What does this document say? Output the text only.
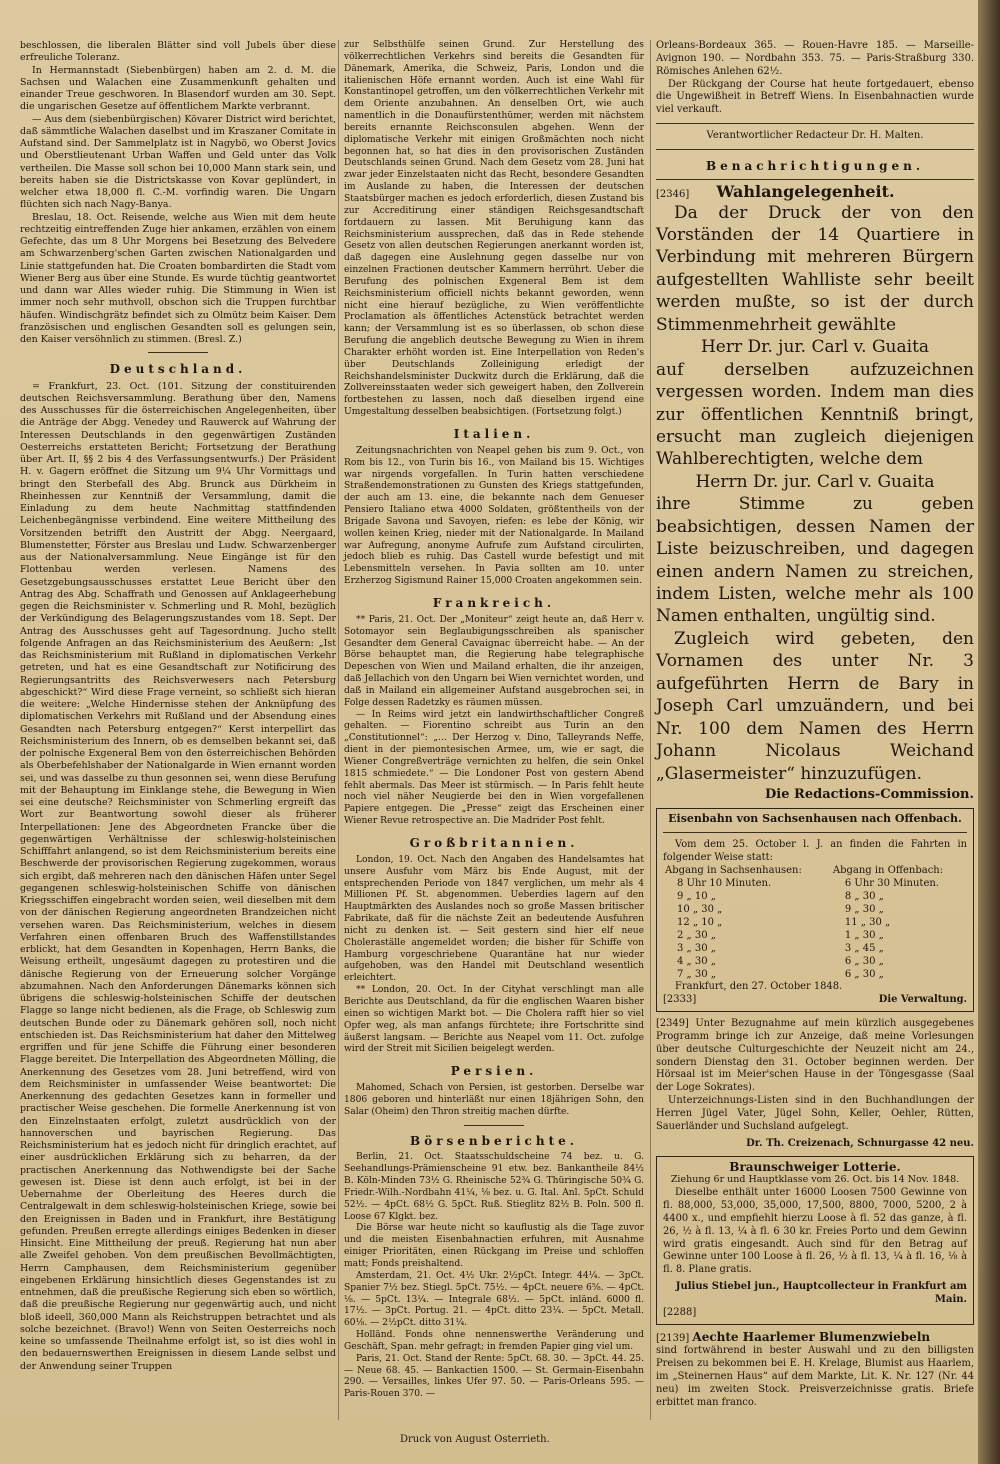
beschlossen, die liberalen Blätter sind voll Jubels über diese erfreuliche Toleranz.

In Hermannstadt (Siebenbürgen) haben am 2. d. M. die Sachsen und Walachen eine Zusammenkunft gehalten und einander Treue geschworen. In Blasendorf wurden am 30. Sept. die ungarischen Gesetze auf öffentlichem Markte verbrannt.

— Aus dem (siebenbürgischen) Kövarer District wird berichtet, daß sämmtliche Walachen daselbst und im Kraszaner Comitate in Aufstand sind. Der Sammelplatz ist in Nagybö, wo Oberst Jovics und Oberstlieutenant Urban Waffen und Geld unter das Volk vertheilen. Die Masse soll schon bei 10,000 Mann stark sein, und bereits haben sie die Districtskasse von Kovar geplündert, in welcher etwa 18,000 fl. C.-M. vorfindig waren. Die Ungarn flüchten sich nach Nagy-Banya.

Breslau, 18. Oct. Reisende, welche aus Wien mit dem heute rechtzeitig eintreffenden Zuge hier ankamen, erzählen von einem Gefechte, das um 8 Uhr Morgens bei Besetzung des Belvedere am Schwarzenberg'schen Garten zwischen Nationalgarden und Linie stattgefunden hat. Die Croaten bombardirten die Stadt vom Wiener Berg aus über eine Stunde. Es wurde tüchtig geantwortet und dann war Alles wieder ruhig. Die Stimmung in Wien ist immer noch sehr muthvoll, obschon sich die Truppen furchtbar häufen. Windischgrätz befindet sich zu Olmütz beim Kaiser. Dem französischen und englischen Gesandten soll es gelungen sein, den Kaiser versöhnlich zu stimmen. (Bresl. Z.)

Deutschland.

= Frankfurt, 23. Oct. (101. Sitzung der constituirenden deutschen Reichsversammlung. Berathung über den, Namens des Ausschusses für die österreichischen Angelegenheiten, über die Anträge der Abgg. Venedey und Rauwerck auf Wahrung der Interessen Deutschlands in den gegenwärtigen Zuständen Oesterreichs erstatteten Bericht; Fortsetzung der Berathung über Art. II, §§ 2 bis 4 des Verfassungsentwurfs.) Der Präsident H. v. Gagern eröffnet die Sitzung um 9¼ Uhr Vormittags und bringt den Sterbefall des Abg. Brunck aus Dürkheim in Rheinhessen zur Kenntniß der Versammlung, damit die Einladung zu dem heute Nachmittag stattfindenden Leichenbegängnisse verbindend. Eine weitere Mittheilung des Vorsitzenden betrifft den Austritt der Abgg. Neergaard, Blumenstetter, Förster aus Breslau und Ludw. Schwarzenberger aus der Nationalversammlung. Neue Eingänge ist für den Flottenbau werden verlesen. Namens des Gesetzgebungsausschusses erstattet Leue Bericht über den Antrag des Abg. Schaffrath und Genossen auf Anklageerhebung gegen die Reichsminister v. Schmerling und R. Mohl, bezüglich der Verkündigung des Belagerungszustandes vom 18. Sept. Der Antrag des Ausschusses geht auf Tagesordnung. Jucho stellt folgende Anfragen an das Reichsministerium des Aeußern: „Ist das Reichsministerium mit Rußland in diplomatischen Verkehr getreten, und hat es eine Gesandtschaft zur Notificirung des Regierungsantritts des Reichsverwesers nach Petersburg abgeschickt?“ Wird diese Frage verneint, so schließt sich hieran die weitere: „Welche Hindernisse stehen der Anknüpfung des diplomatischen Verkehrs mit Rußland und der Absendung eines Gesandten nach Petersburg entgegen?“ Kerst interpellirt das Reichsministerium des Innern, ob es demselben bekannt sei, daß der polnische Exgeneral Bem von den österreichischen Behörden als Oberbefehlshaber der Nationalgarde in Wien ernannt worden sei, und was dasselbe zu thun gesonnen sei, wenn diese Berufung mit der Behauptung im Einklange stehe, die Bewegung in Wien sei eine deutsche? Reichsminister von Schmerling ergreift das Wort zur Beantwortung sowohl dieser als früherer Interpellationen: Jene des Abgeordneten Francke über die gegenwärtigen Verhältnisse der schleswig-holsteinischen Schifffahrt anlangend, so ist dem Reichsministerium bereits eine Beschwerde der provisorischen Regierung zugekommen, woraus sich ergibt, daß mehreren nach den dänischen Häfen unter Segel gegangenen schleswig-holsteinischen Schiffe von dänischen Kriegsschiffen eingebracht worden seien, weil dieselben mit dem von der dänischen Regierung angeordneten Brandzeichen nicht versehen waren. Das Reichsministerium, welches in diesem Verfahren einen offenbaren Bruch des Waffenstillstandes erblickt, hat dem Gesandten in Kopenhagen, Herrn Banks, die Weisung ertheilt, ungesäumt dagegen zu protestiren und die dänische Regierung von der Erneuerung solcher Vorgänge abzumahnen. Nach den Anforderungen Dänemarks können sich übrigens die schleswig-holsteinischen Schiffe der deutschen Flagge so lange nicht bedienen, als die Frage, ob Schleswig zum deutschen Bunde oder zu Dänemark gehören soll, noch nicht entschieden ist. Das Reichsministerium hat daher den Mittelweg ergriffen und für jene Schiffe die Führung einer besonderen Flagge bereitet. Die Interpellation des Abgeordneten Mölling, die Anerkennung des Gesetzes vom 28. Juni betreffend, wird von dem Reichsminister in umfassender Weise beantwortet: Die Anerkennung des gedachten Gesetzes kann in formeller und practischer Weise geschehen. Die formelle Anerkennung ist von den Einzelnstaaten erfolgt, zuletzt ausdrücklich von der hannoverschen und bayrischen Regierung. Das Reichsministerium hat es jedoch nicht für dringlich erachtet, auf einer ausdrücklichen Erklärung sich zu beharren, da der practischen Anerkennung das Nothwendigste bei der Sache gewesen ist. Diese ist denn auch erfolgt, ist bei in der Uebernahme der Oberleitung des Heeres durch die Centralgewalt in dem schleswig-holsteinischen Kriege, sowie bei den Ereignissen in Baden und in Frankfurt, ihre Bestätigung gefunden. Preußen erregte allerdings einiges Bedenken in dieser Hinsicht. Eine Mittheilung der preuß. Regierung hat nun aber alle Zweifel gehoben. Von dem preußischen Bevollmächtigten, Herrn Camphausen, dem Reichsministerium gegenüber eingebenen Erklärung hinsichtlich dieses Gegenstandes ist zu entnehmen, daß die preußische Regierung sich eben so wörtlich, daß die preußische Regierung nur gegenwärtig auch, und nicht bloß ideell, 360,000 Mann als Reichstruppen betrachtet und als solche bezeichnet. (Bravo!) Wenn von Seiten Oesterreichs noch keine so umfassende Theilnahme erfolgt ist, so ist dies wohl in den bedauernswerthen Ereignissen in diesem Lande selbst und der Anwendung seiner Truppen

zur Selbsthülfe seinen Grund. Zur Herstellung des völkerrechtlichen Verkehrs sind bereits die Gesandten für Dänemark, Amerika, die Schweiz, Paris, London und die italienischen Höfe ernannt worden. Auch ist eine Wahl für Konstantinopel getroffen, um den völkerrechtlichen Verkehr mit dem Oriente anzubahnen. An denselben Ort, wie auch namentlich in die Donaufürstenthümer, werden mit nächstem bereits ernannte Reichsconsulen abgehen. Wenn der diplomatische Verkehr mit einigen Großmächten noch nicht begonnen hat, so hat dies in den provisorischen Zuständen Deutschlands seinen Grund. Nach dem Gesetz vom 28. Juni hat zwar jeder Einzelstaaten nicht das Recht, besondere Gesandten im Auslande zu haben, die Interessen der deutschen Staatsbürger machen es jedoch erforderlich, diesen Zustand bis zur Accreditirung einer ständigen Reichsgesandtschaft fortdauern zu lassen. Mit Beruhigung kann das Reichsministerium aussprechen, daß das in Rede stehende Gesetz von allen deutschen Regierungen anerkannt worden ist, daß dagegen eine Auslehnung gegen dasselbe nur von einzelnen Fractionen deutscher Kammern herrührt. Ueber die Berufung des polnischen Exgeneral Bem ist dem Reichsministerium officiell nichts bekannt geworden, wenn nicht eine hierauf bezügliche, zu Wien veröffentlichte Proclamation als öffentliches Actenstück betrachtet werden kann; der Versammlung ist es so überlassen, ob schon diese Berufung die angeblich deutsche Bewegung zu Wien in ihrem Charakter erhöht worden ist. Eine Interpellation von Reden's über Deutschlands Zolleinigung erledigt der Reichshandelsminister Duckwitz durch die Erklärung, daß die Zollvereinsstaaten weder sich geweigert haben, den Zollverein fortbestehen zu lassen, noch daß dieselben irgend eine Umgestaltung desselben beabsichtigen. (Fortsetzung folgt.)

Italien.

Zeitungsnachrichten von Neapel gehen bis zum 9. Oct., von Rom bis 12., von Turin bis 16., von Mailand bis 15. Wichtiges war nirgends vorgefallen. In Turin hatten verschiedene Straßendemonstrationen zu Gunsten des Kriegs stattgefunden, der auch am 13. eine, die bekannte nach dem Genueser Pensiero Italiano etwa 4000 Soldaten, größtentheils von der Brigade Savona und Savoyen, riefen: es lebe der König, wir wollen keinen Krieg, nieder mit der Nationalgarde. In Mailand war Aufregung, anonyme Aufrufe zum Aufstand circulirten, jedoch blieb es ruhig. Das Castell wurde befestigt und mit Lebensmitteln versehen. In Pavia sollten am 10. unter Erzherzog Sigismund Rainer 15,000 Croaten angekommen sein.

Frankreich.

** Paris, 21. Oct. Der „Moniteur“ zeigt heute an, daß Herr v. Sotomayor sein Beglaubigungsschreiben als spanischer Gesandter dem General Cavaignac überreicht habe. — An der Börse behauptet man, die Regierung habe telegraphische Depeschen von Wien und Mailand erhalten, die ihr anzeigen, daß Jellachich von den Ungarn bei Wien vernichtet worden, und daß in Mailand ein allgemeiner Aufstand ausgebrochen sei, in Folge dessen Radetzky es räumen müssen.

— In Reims wird jetzt ein landwirthschaftlicher Congreß gehalten. — Fiorentino schreibt aus Turin an den „Constitutionnel“: „... Der Herzog v. Dino, Talleyrands Neffe, dient in der piemontesischen Armee, um, wie er sagt, die Wiener Congreßverträge vernichten zu helfen, die sein Onkel 1815 schmiedete.“ — Die Londoner Post von gestern Abend fehlt abermals. Das Meer ist stürmisch. — In Paris fehlt heute noch viel näher Neugierde bei den in Wien vorgefallenen Papiere entgegen. Die „Presse“ zeigt das Erscheinen einer Wiener Revue retrospective an. Die Madrider Post fehlt.

Großbritannien.

London, 19. Oct. Nach den Angaben des Handelsamtes hat unsere Ausfuhr vom März bis Ende August, mit der entsprechenden Periode von 1847 verglichen, um mehr als 4 Millionen Pf. St. abgenommen. Ueberdies lagern auf den Hauptmärkten des Auslandes noch so große Massen britischer Fabrikate, daß für die nächste Zeit an bedeutende Ausfuhren nicht zu denken ist. — Seit gestern sind hier elf neue Choleraställe angemeldet worden; die bisher für Schiffe von Hamburg vorgeschriebene Quarantäne hat nur wieder aufgehoben, was den Handel mit Deutschland wesentlich erleichtert.

** London, 20. Oct. In der Cityhat verschlingt man alle Berichte aus Deutschland, da für die englischen Waaren bisher einen so wichtigen Markt bot. — Die Cholera rafft hier so viel Opfer weg, als man anfangs fürchtete; ihre Fortschritte sind äußerst langsam. — Berichte aus Neapel vom 11. Oct. zufolge wird der Streit mit Sicilien beigelegt werden.

Persien.

Mahomed, Schach von Persien, ist gestorben. Derselbe war 1806 geboren und hinterläßt nur einen 18jährigen Sohn, den Salar (Oheim) den Thron streitig machen dürfte.

Börsenberichte.

Berlin, 21. Oct. Staatsschuldscheine 74 bez. u. G. Seehandlungs-Prämienscheine 91 etw. bez. Bankantheile 84½ B. Köln-Minden 73½ G. Rheinische 52¾ G. Thüringische 50¾ G. Friedr.-Wilh.-Nordbahn 41¼, ⅛ bez. u. G. Ital. Anl. 5pCt. Schuld 52½. — 4pCt. 68½ G. 5pCt. Ruß. Stieglitz 82½ B. Poln. 500 fl. Loose 67 Klgkt. bez.

Die Börse war heute nicht so kauflustig als die Tage zuvor und die meisten Eisenbahnactien erfuhren, mit Ausnahme einiger Prioritäten, einen Rückgang im Preise und schloffen matt; Fonds preishaltend.

Amsterdam, 21. Oct. 4½ Ukr. 2½pCt. Integr. 44¼. — 3pCt. Spanier 7½ bez. Stiegl. 5pCt. 75½. — 4pCt. neuere 6⅝. — 4pCt. ⅛. — 5pCt. 13¼. — Integrale 68½. — 5pCt. inländ. 6000 fl. 17½. — 3pCt. Portug. 21. — 4pCt. ditto 23¼. — 5pCt. Metall. 60⅛. — 2½pCt. ditto 31¼.

Holländ. Fonds ohne nennenswerthe Veränderung und Geschäft, Span. mehr gefragt; in fremden Papier ging viel um.

Paris, 21. Oct. Stand der Rente: 5pCt. 68. 30. — 3pCt. 44. 25. — Neue 68. 45. — Bankactien 1500. — St. Germain-Eisenbahn 290. — Versailles, linkes Ufer 97. 50. — Paris-Orleans 595. — Paris-Rouen 370. —

Orleans-Bordeaux 365. — Rouen-Havre 185. — Marseille-Avignon 190. — Nordbahn 353. 75. — Paris-Straßburg 330. Römisches Anlehen 62½.

Der Rückgang der Course hat heute fortgedauert, ebenso die Ungewißheit in Betreff Wiens. In Eisenbahnactien wurde viel verkauft.

Verantwortlicher Redacteur Dr. H. Malten.
Benachrichtigungen.
[2346] Wahlangelegenheit.

Da der Druck der von den Vorständen der 14 Quartiere in Verbindung mit mehreren Bürgern aufgestellten Wahlliste sehr beeilt werden mußte, so ist der durch Stimmenmehrheit gewählte

Herr Dr. jur. Carl v. Guaita

auf derselben aufzuzeichnen vergessen worden. Indem man dies zur öffentlichen Kenntniß bringt, ersucht man zugleich diejenigen Wahlberechtigten, welche dem

Herrn Dr. jur. Carl v. Guaita

ihre Stimme zu geben beabsichtigen, dessen Namen der Liste beizuschreiben, und dagegen einen andern Namen zu streichen, indem Listen, welche mehr als 100 Namen enthalten, ungültig sind.

Zugleich wird gebeten, den Vornamen des unter Nr. 3 aufgeführten Herrn de Bary in Joseph Carl umzuändern, und bei Nr. 100 dem Namen des Herrn Johann Nicolaus Weichand „Glasermeister“ hinzuzufügen.

Die Redactions-Commission.
Eisenbahn von Sachsenhausen nach Offenbach.

Vom dem 25. October l. J. an finden die Fahrten in folgender Weise statt:

Abgang in Sachsenhausen:	Abgang in Offenbach:
8 Uhr 10 Minuten.	6 Uhr 30 Minuten.
9 „ 10 „	8 „ 30 „
10 „ 30 „	9 „ 30 „
12 „ 10 „	11 „ 30 „
2 „ 30 „	1 „ 30 „
3 „ 30 „	3 „ 45 „
4 „ 30 „	6 „ 30 „
7 „ 30 „	6 „ 30 „

Frankfurt, den 27. October 1848.

[2333]	Die Verwaltung.

[2349] Unter Bezugnahme auf mein kürzlich ausgegebenes Programm bringe ich zur Anzeige, daß meine Vorlesungen über deutsche Culturgeschichte der Neuzeit nicht am 24., sondern Dienstag den 31. October beginnen werden. Der Hörsaal ist im Meier'schen Hause in der Töngesgasse (Saal der Loge Sokrates).

Unterzeichnungs-Listen sind in den Buchhandlungen der Herren Jügel Vater, Jügel Sohn, Keller, Oehler, Rütten, Sauerländer und Suchsland aufgelegt.

Dr. Th. Creizenach, Schnurgasse 42 neu.
Braunschweiger Lotterie.
Ziehung 6r und Hauptklasse vom 26. Oct. bis 14 Nov. 1848.

Dieselbe enthält unter 16000 Loosen 7500 Gewinne von fl. 88,000, 53,000, 35,000, 17,500, 8800, 7000, 5200, 2 à 4400 x., und empfiehlt hierzu Loose à fl. 52 das ganze, à fl. 26, ½ à fl. 13, ¼ à fl. 6 30 kr. Freies Porto und dem Gewinn wird gratis eingesandt. Auch sind für den Betrag auf Gewinne unter 100 Loose à fl. 26, ½ à fl. 13, ¼ à fl. 16, ⅛ à fl. 8. Plane gratis.

Julius Stiebel jun., Hauptcollecteur in Frankfurt am Main.
[2288]
[2139] Aechte Haarlemer Blumenzwiebeln

sind fortwährend in bester Auswahl und zu den billigsten Preisen zu bekommen bei E. H. Krelage, Blumist aus Haarlem, im „Steinernen Haus“ auf dem Markte, Lit. K. Nr. 127 (Nr. 44 neu) im zweiten Stock. Preisverzeichnisse gratis. Briefe erbittet man franco.

Druck von August Osterrieth.
